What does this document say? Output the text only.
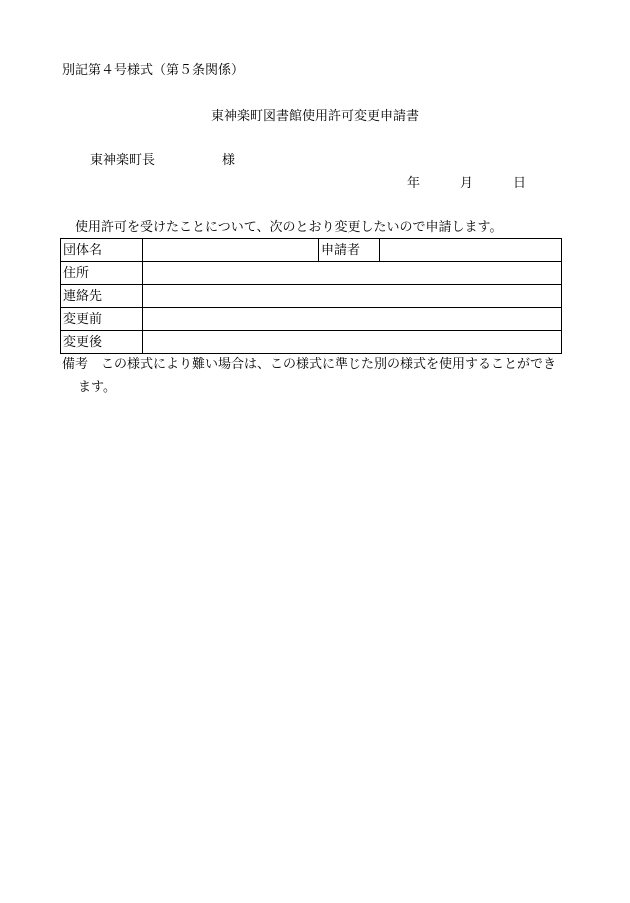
別記第４号様式（第５条関係）
東神楽町図書館使用許可変更申請書
東神楽町長	様
年	月	日
使用許可を受けたことについて、次のとおり変更したいので申請します。
団体名		申請者	
住所			
連絡先			
変更前			
変更後			
備考　この様式により難い場合は、この様式に準じた別の様式を使用することができ
ます。
